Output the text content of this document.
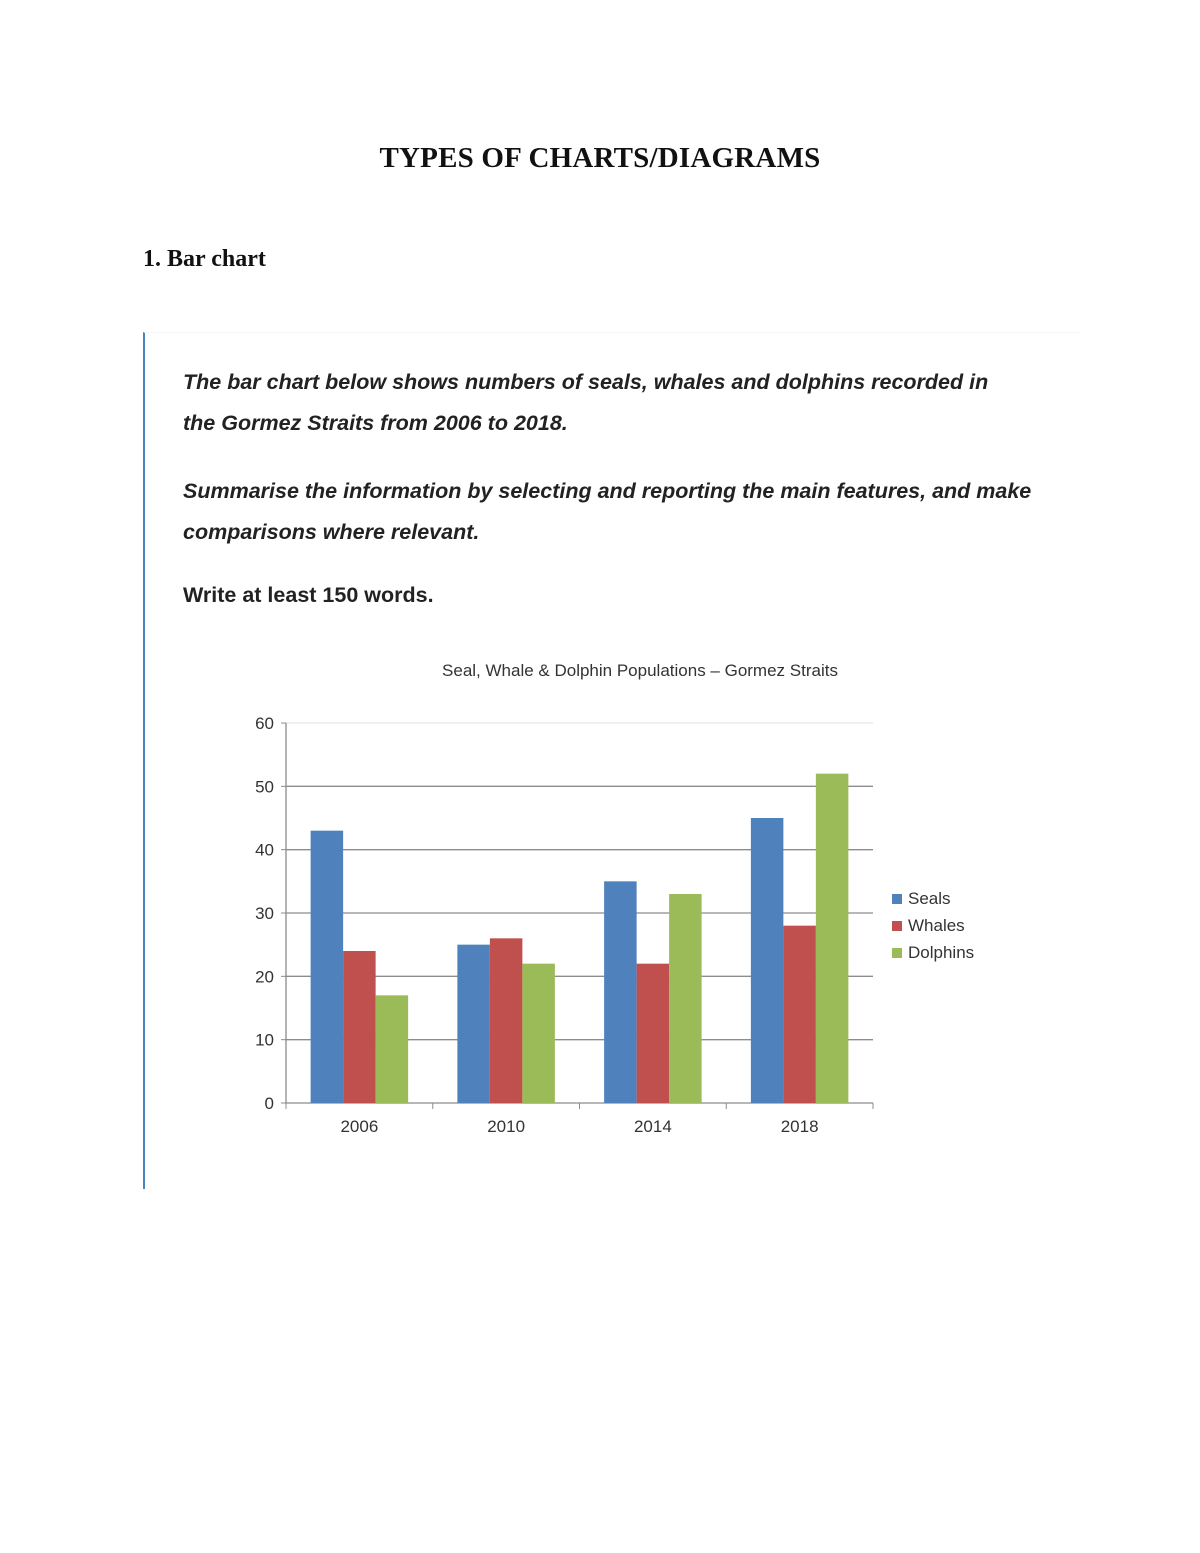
TYPES OF CHARTS/DIAGRAMS
1. Bar chart
The bar chart below shows numbers of seals, whales and dolphins recorded in the Gormez Straits from 2006 to 2018.
Summarise the information by selecting and reporting the main features, and make comparisons where relevant.
Write at least 150 words.
Seal, Whale & Dolphin Populations – Gormez Straits
0
10
20
30
40
50
60
2006	2010	2014	2018
Seals
Whales
Dolphins
